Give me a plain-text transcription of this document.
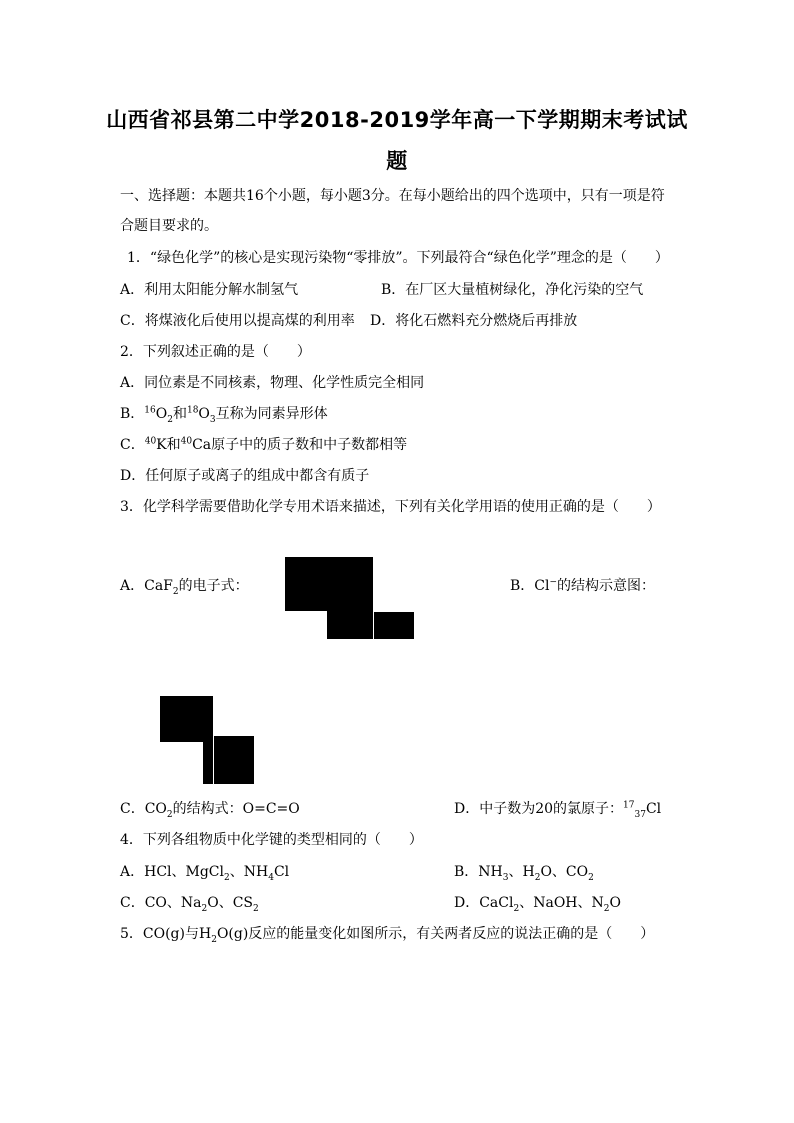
山西省祁县第二中学2018-2019学年高一下学期期末考试试
题
一、选择题：本题共16个小题，每小题3分。在每小题给出的四个选项中，只有一项是符
合题目要求的。
1．“绿色化学”的核心是实现污染物“零排放”。下列最符合“绿色化学”理念的是（　　）
A．利用太阳能分解水制氢气	B．在厂区大量植树绿化，净化污染的空气
C．将煤液化后使用以提高煤的利用率 D．将化石燃料充分燃烧后再排放
2．下列叙述正确的是（　　）
A．同位素是不同核素，物理、化学性质完全相同
B．$^{16}O_2$和$^{18}O_3$互称为同素异形体
C．$^{40}$K和$^{40}$Ca原子中的质子数和中子数都相等
D．任何原子或离子的组成中都含有质子
3．化学科学需要借助化学专用术语来描述，下列有关化学用语的使用正确的是（　　）
A．CaF$_2$的电子式：	B．Cl−的结构示意图：
C．$CO_2$的结构式：O=C=O	D．中子数为20的氯原子：$^{17}_{37}$Cl
4．下列各组物质中化学键的类型相同的（　　）
A．HCl、MgCl$_2$、$NH_4Cl$	B．$NH_3$、$H_2O$、$CO_2$
C．CO、$Na_2O$、$CS_2$	D．CaCl$_2$、NaOH、$N_2O$
5．CO(g)与$H_2O(g)$反应的能量变化如图所示，有关两者反应的说法正确的是（　　）
